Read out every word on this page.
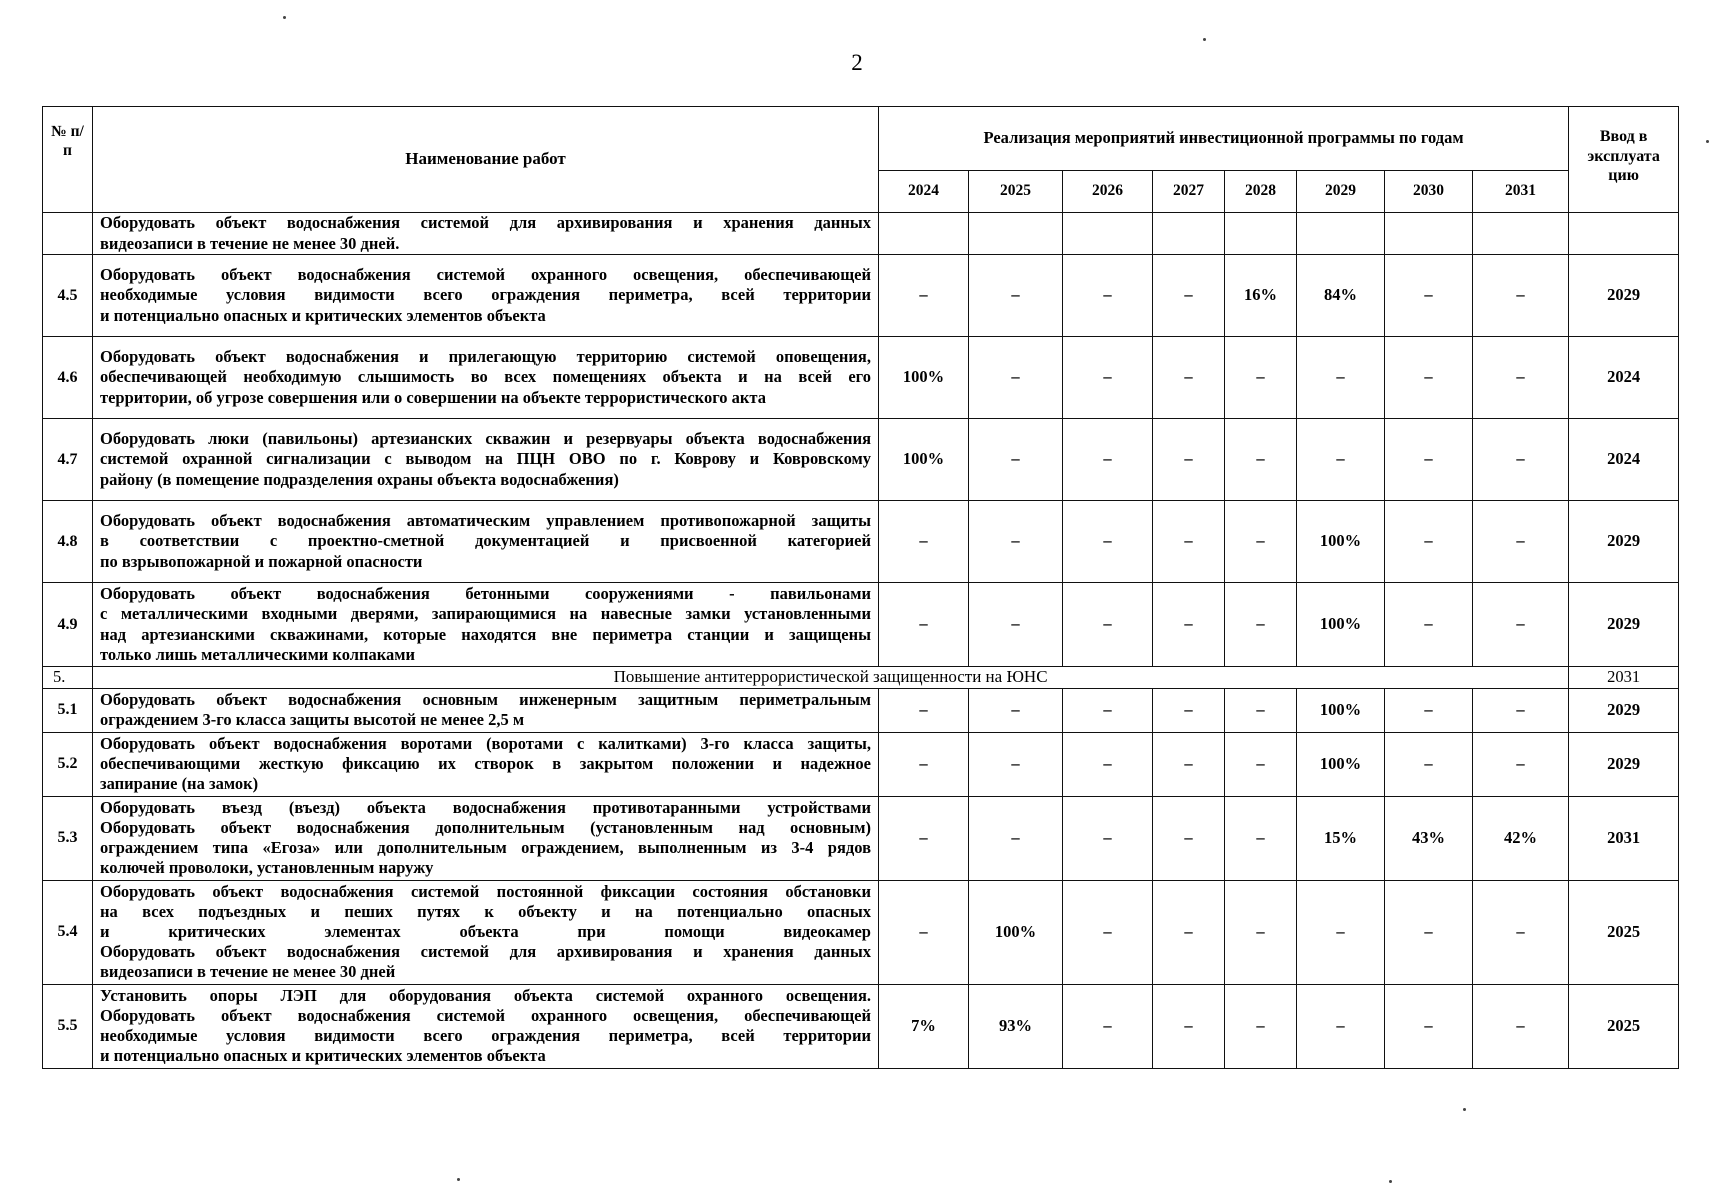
2
№ п/п	Наименование работ	Реализация мероприятий инвестиционной программы по годам								Ввод в эксплуата цию
		2024	2025	2026	2027	2028	2029	2030	2031	

	Оборудовать объект водоснабжения системой для архивирования и хранения данных
видеозаписи в течение не менее 30 дней.									

4.5	Оборудовать объект водоснабжения системой охранного освещения, обеспечивающей
необходимые условия видимости всего ограждения периметра, всей территории
и потенциально опасных и критических элементов объекта	–	–	–	–	16%	84%	–	–	2029
4.6	Оборудовать объект водоснабжения и прилегающую территорию системой оповещения,
обеспечивающей необходимую слышимость во всех помещениях объекта и на всей его
территории, об угрозе совершения или о совершении на объекте террористического акта	100%	–	–	–	–	–	–	–	2024
4.7	Оборудовать люки (павильоны) артезианских скважин и резервуары объекта водоснабжения
системой охранной сигнализации с выводом на ПЦН ОВО по г. Коврову и Ковровскому
району (в помещение подразделения охраны объекта водоснабжения)	100%	–	–	–	–	–	–	–	2024
4.8	Оборудовать объект водоснабжения автоматическим управлением противопожарной защиты
в соответствии с проектно-сметной документацией и присвоенной категорией
по взрывопожарной и пожарной опасности	–	–	–	–	–	100%	–	–	2029
4.9	Оборудовать объект водоснабжения бетонными сооружениями - павильонами
с металлическими входными дверями, запирающимися на навесные замки установленными
над артезианскими скважинами, которые находятся вне периметра станции и защищены
только лишь металлическими колпаками	–	–	–	–	–	100%	–	–	2029
5.	Повышение антитеррористической защищенности на ЮНС									2031
5.1	Оборудовать объект водоснабжения основным инженерным защитным периметральным
ограждением 3-го класса защиты высотой не менее 2,5 м	–	–	–	–	–	100%	–	–	2029
5.2	Оборудовать объект водоснабжения воротами (воротами с калитками) 3-го класса защиты,
обеспечивающими жесткую фиксацию их створок в закрытом положении и надежное
запирание (на замок)	–	–	–	–	–	100%	–	–	2029
5.3	Оборудовать въезд (въезд) объекта водоснабжения противотаранными устройствами
Оборудовать объект водоснабжения дополнительным (установленным над основным)
ограждением типа «Егоза» или дополнительным ограждением, выполненным из 3-4 рядов
колючей проволоки, установленным наружу	–	–	–	–	–	15%	43%	42%	2031
5.4	Оборудовать объект водоснабжения системой постоянной фиксации состояния обстановки
на всех подъездных и пеших путях к объекту и на потенциально опасных
и критических элементах объекта при помощи видеокамер
Оборудовать объект водоснабжения системой для архивирования и хранения данных
видеозаписи в течение не менее 30 дней	–	100%	–	–	–	–	–	–	2025
5.5	Установить опоры ЛЭП для оборудования объекта системой охранного освещения.
Оборудовать объект водоснабжения системой охранного освещения, обеспечивающей
необходимые условия видимости всего ограждения периметра, всей территории
и потенциально опасных и критических элементов объекта	7%	93%	–	–	–	–	–	–	2025
